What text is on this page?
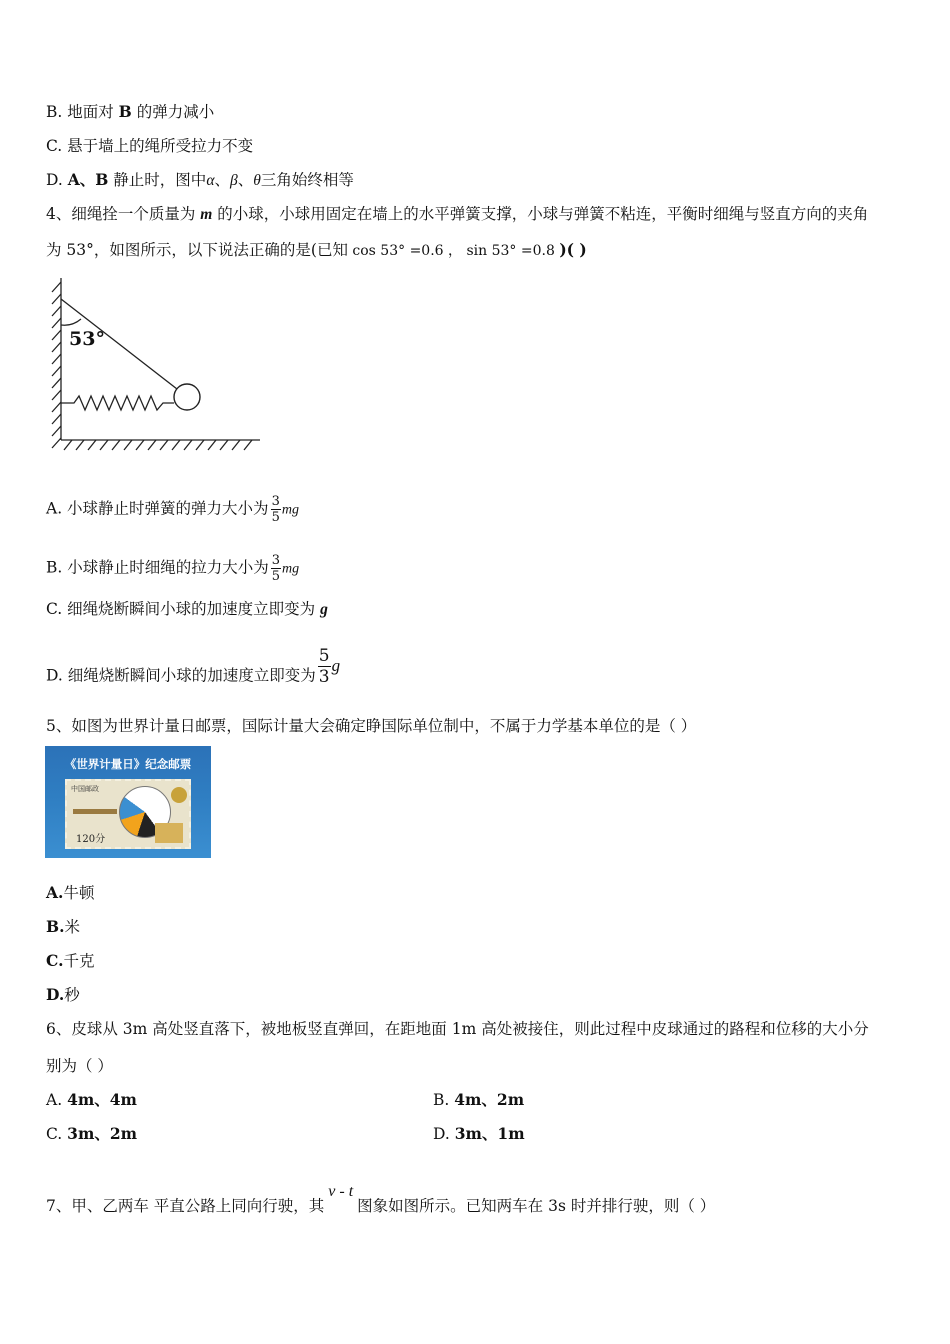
B. 地面对 B 的弹力减小
C. 悬于墙上的绳所受拉力不变
D. A、B 静止时，图中α、β、θ三角始终相等
4、细绳拴一个质量为 m 的小球，小球用固定在墙上的水平弹簧支撑，小球与弹簧不粘连，平衡时细绳与竖直方向的夹角
为 53°，如图所示，以下说法正确的是(已知 cos 53° =0.6 ， sin 53° =0.8 )( )
53°
A. 小球静止时弹簧的弹力大小为 $\frac{3}{5}$ mg
B. 小球静止时细绳的拉力大小为 $\frac{3}{5}$ mg
C. 细绳烧断瞬间小球的加速度立即变为 g
D. 细绳烧断瞬间小球的加速度立即变为 $\frac{5}{3}$ g
5、如图为世界计量日邮票，国际计量大会确定睁国际单位制中，不属于力学基本单位的是（ ）
《世界计量日》纪念邮票
中国邮政
120分
A.牛顿
B.米
C.千克
D.秒
6、皮球从 3m 高处竖直落下，被地板竖直弹回，在距地面 1m 高处被接住，则此过程中皮球通过的路程和位移的大小分
别为（ ）
A. 4m、4m	B. 4m、2m
C. 3m、2m	D. 3m、1m
7、甲、乙两车 平直公路上同向行驶，其v - t图象如图所示。已知两车在 3s 时并排行驶，则（ ）
